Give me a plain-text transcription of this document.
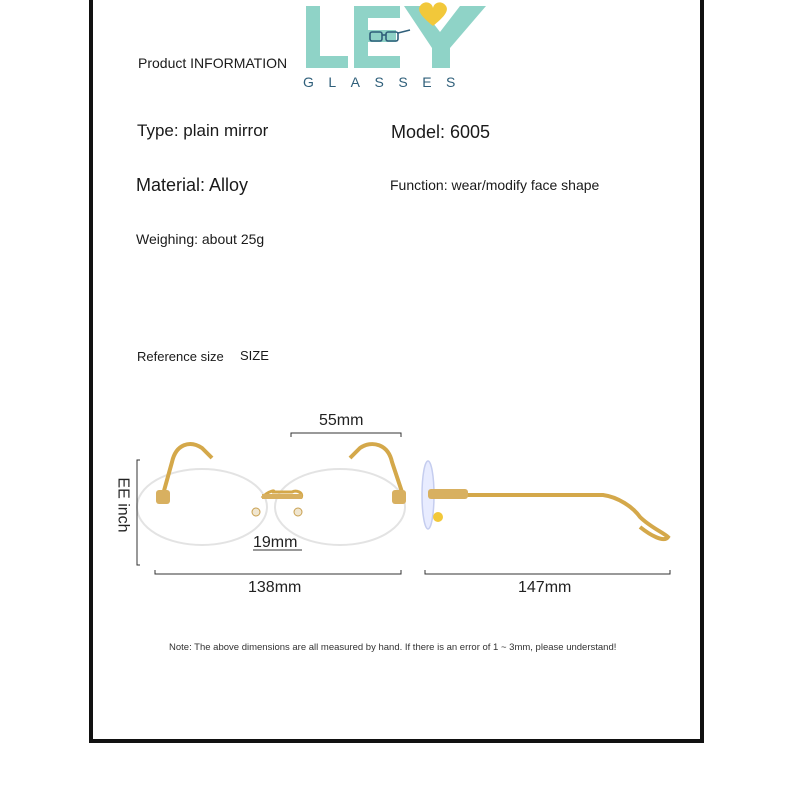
GLASSES
Product INFORMATION
Type: plain mirror	Model: 6005
Material: Alloy	Function: wear/modify face shape
Weighing: about 25g
Reference size SIZE
55mm
19mm
138mm	147mm
EE inch
Note: The above dimensions are all measured by hand. If there is an error of 1 ~ 3mm, please understand!
